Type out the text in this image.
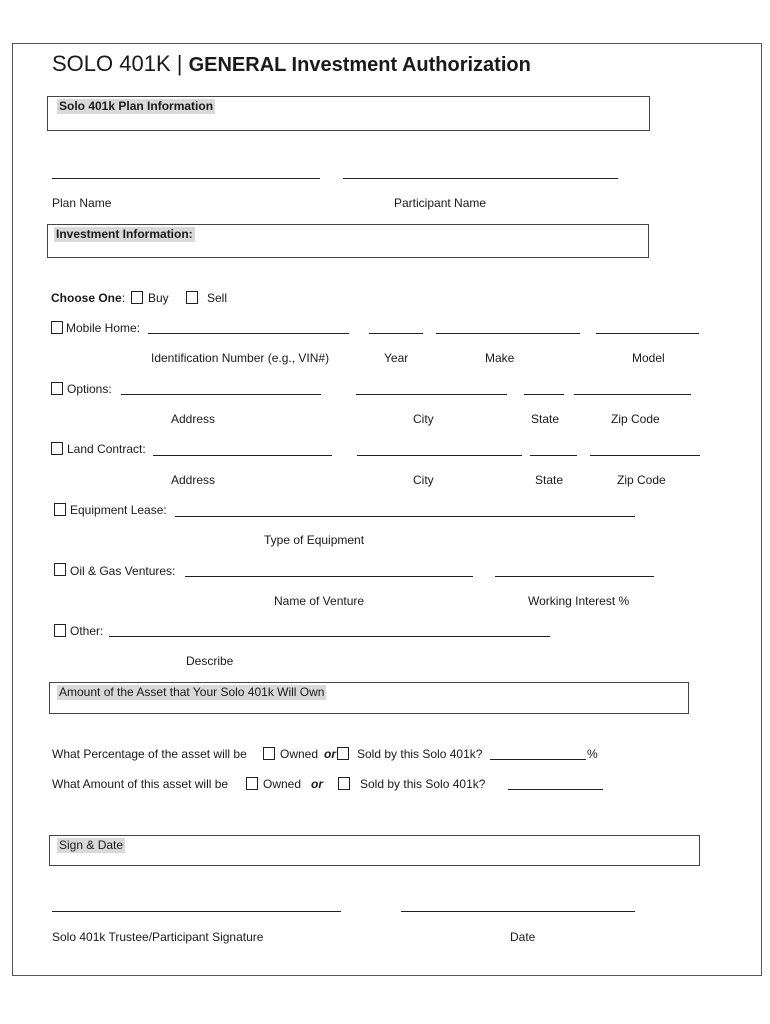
SOLO 401K | GENERAL Investment Authorization
Solo 401k Plan Information
Plan Name	Participant Name
Investment Information:
Choose One: Buy	Sell
Mobile Home:
Identification Number (e.g., VIN#)	Year	Make	Model
Options:
Address	City	State	Zip Code
Land Contract:
Address	City	State	Zip Code
Equipment Lease:
Type of Equipment
Oil & Gas Ventures:
Name of Venture	Working Interest %
Other:
Describe
Amount of the Asset that Your Solo 401k Will Own
What Percentage of the asset will be	Owned or Sold by this Solo 401k?	%
What Amount of this asset will be	Owned or	Sold by this Solo 401k?
Sign & Date
Solo 401k Trustee/Participant Signature	Date
